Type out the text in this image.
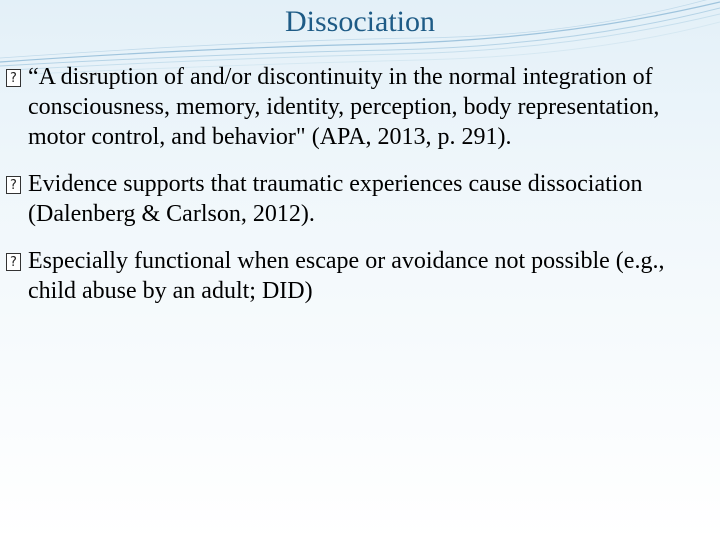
Dissociation
? “A disruption of and/or discontinuity in the normal integration of consciousness, memory, identity, perception, body representation, motor control, and behavior" (APA, 2013, p. 291).
? Evidence supports that traumatic experiences cause dissociation (Dalenberg & Carlson, 2012).
? Especially functional when escape or avoidance not possible (e.g., child abuse by an adult; DID)
